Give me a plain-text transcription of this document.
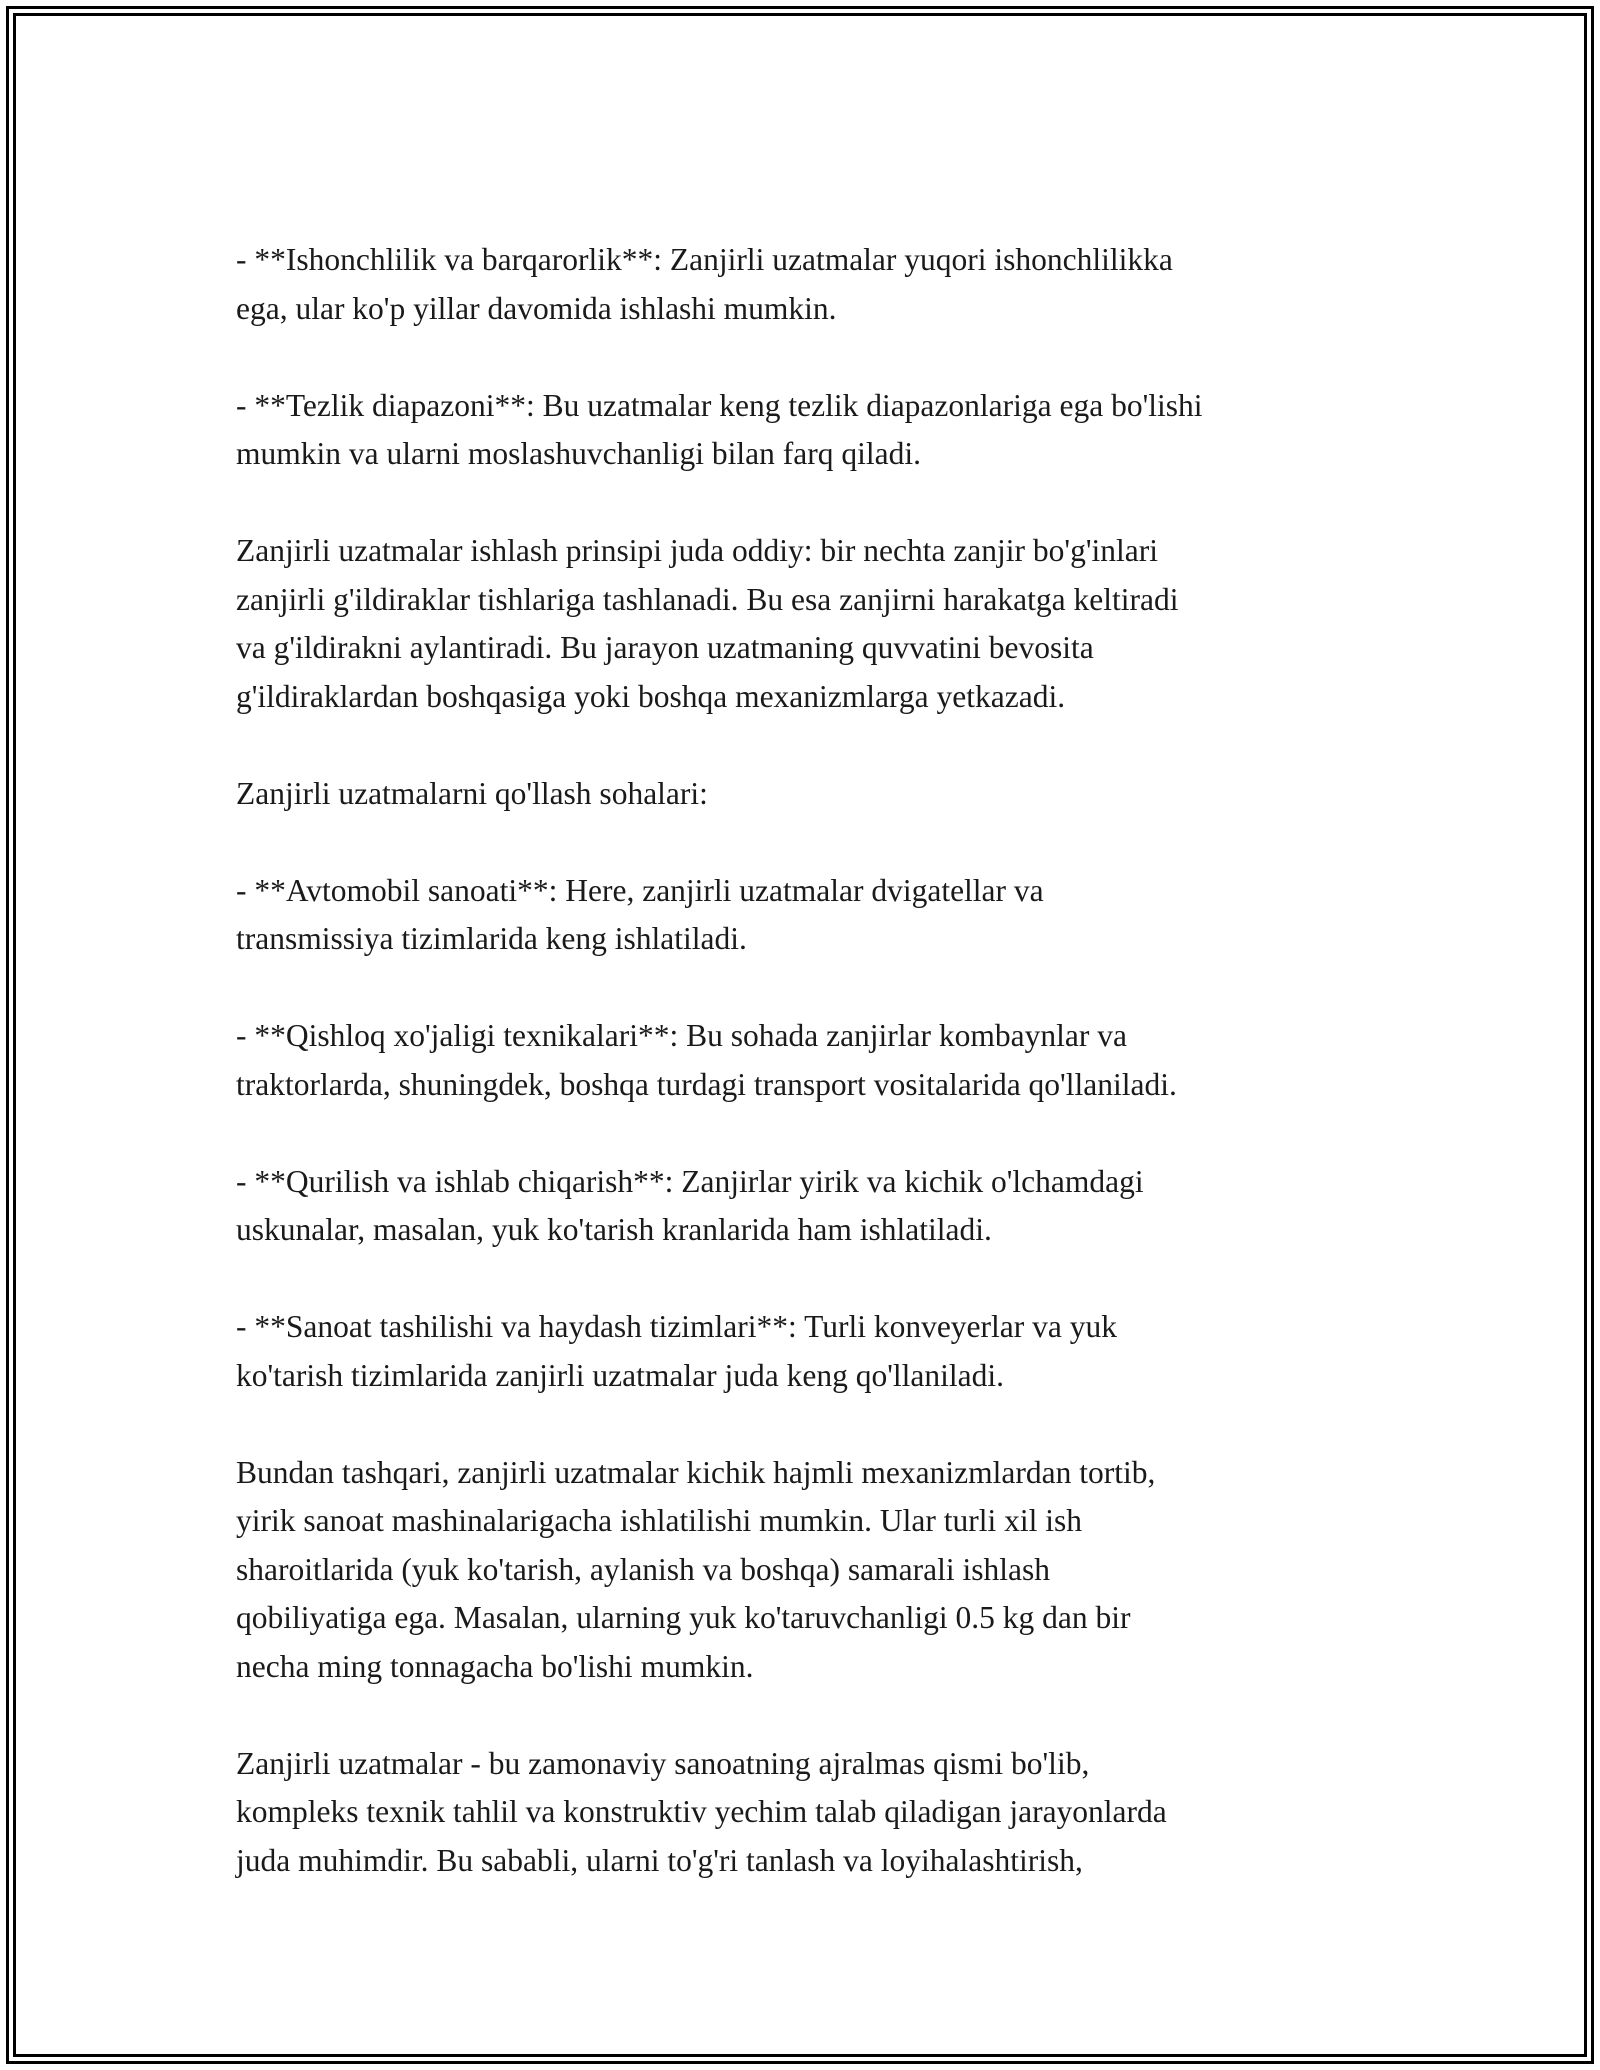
- **Ishonchlilik va barqarorlik**: Zanjirli uzatmalar yuqori ishonchlilikka
ega, ular ko'p yillar davomida ishlashi mumkin.

- **Tezlik diapazoni**: Bu uzatmalar keng tezlik diapazonlariga ega bo'lishi
mumkin va ularni moslashuvchanligi bilan farq qiladi.

Zanjirli uzatmalar ishlash prinsipi juda oddiy: bir nechta zanjir bo'g'inlari
zanjirli g'ildiraklar tishlariga tashlanadi. Bu esa zanjirni harakatga keltiradi
va g'ildirakni aylantiradi. Bu jarayon uzatmaning quvvatini bevosita
g'ildiraklardan boshqasiga yoki boshqa mexanizmlarga yetkazadi.

Zanjirli uzatmalarni qo'llash sohalari:

- **Avtomobil sanoati**: Here, zanjirli uzatmalar dvigatellar va
transmissiya tizimlarida keng ishlatiladi.

- **Qishloq xo'jaligi texnikalari**: Bu sohada zanjirlar kombaynlar va
traktorlarda, shuningdek, boshqa turdagi transport vositalarida qo'llaniladi.

- **Qurilish va ishlab chiqarish**: Zanjirlar yirik va kichik o'lchamdagi
uskunalar, masalan, yuk ko'tarish kranlarida ham ishlatiladi.

- **Sanoat tashilishi va haydash tizimlari**: Turli konveyerlar va yuk
ko'tarish tizimlarida zanjirli uzatmalar juda keng qo'llaniladi.

Bundan tashqari, zanjirli uzatmalar kichik hajmli mexanizmlardan tortib,
yirik sanoat mashinalarigacha ishlatilishi mumkin. Ular turli xil ish
sharoitlarida (yuk ko'tarish, aylanish va boshqa) samarali ishlash
qobiliyatiga ega. Masalan, ularning yuk ko'taruvchanligi 0.5 kg dan bir
necha ming tonnagacha bo'lishi mumkin.

Zanjirli uzatmalar - bu zamonaviy sanoatning ajralmas qismi bo'lib,
kompleks texnik tahlil va konstruktiv yechim talab qiladigan jarayonlarda
juda muhimdir. Bu sababli, ularni to'g'ri tanlash va loyihalashtirish,
